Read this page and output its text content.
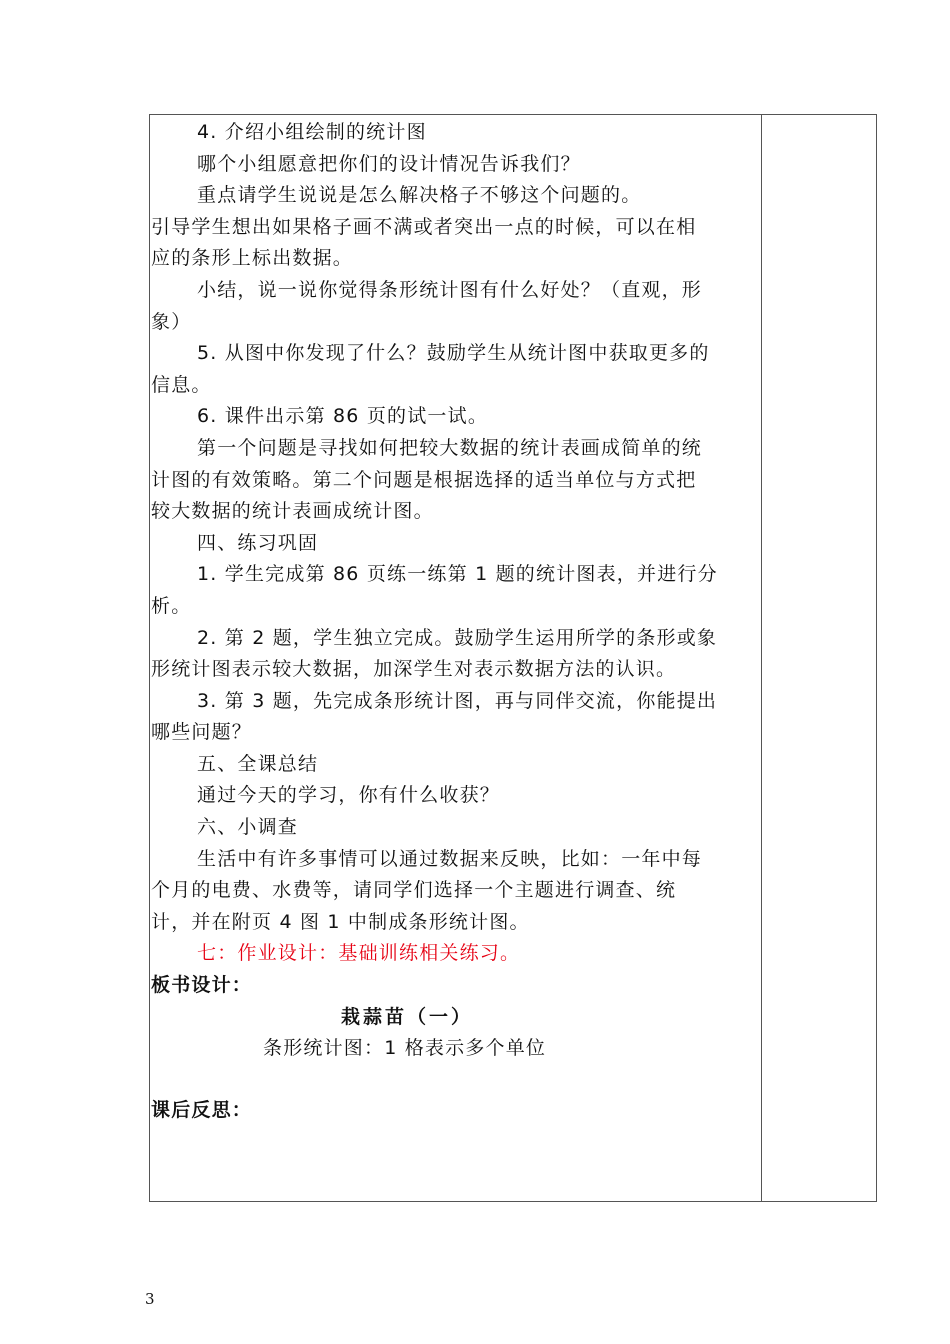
4. 介绍小组绘制的统计图
哪个小组愿意把你们的设计情况告诉我们？
重点请学生说说是怎么解决格子不够这个问题的。
引导学生想出如果格子画不满或者突出一点的时候，可以在相
应的条形上标出数据。
小结，说一说你觉得条形统计图有什么好处？（直观，形
象）
5. 从图中你发现了什么？鼓励学生从统计图中获取更多的
信息。
6. 课件出示第 86 页的试一试。
第一个问题是寻找如何把较大数据的统计表画成简单的统
计图的有效策略。第二个问题是根据选择的适当单位与方式把
较大数据的统计表画成统计图。
四、练习巩固
1. 学生完成第 86 页练一练第 1 题的统计图表，并进行分
析。
2. 第 2 题，学生独立完成。鼓励学生运用所学的条形或象
形统计图表示较大数据，加深学生对表示数据方法的认识。
3. 第 3 题，先完成条形统计图，再与同伴交流，你能提出
哪些问题？
五、全课总结
通过今天的学习，你有什么收获？
六、小调查
生活中有许多事情可以通过数据来反映，比如：一年中每
个月的电费、水费等，请同学们选择一个主题进行调查、统
计，并在附页 4 图 1 中制成条形统计图。
七：作业设计：基础训练相关练习。
板书设计：
栽蒜苗（一）
条形统计图：1 格表示多个单位
课后反思：
3
